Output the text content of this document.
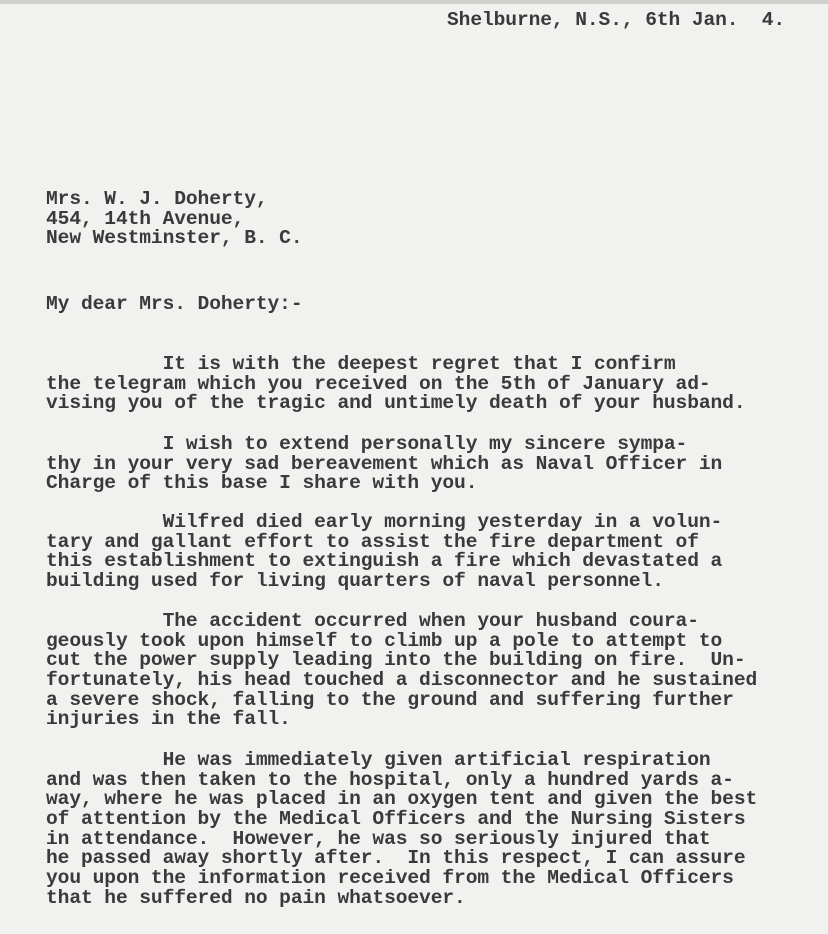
Shelburne, N.S., 6th Jan.  4.
Mrs. W. J. Doherty,
454, 14th Avenue,
New Westminster, B. C.
My dear Mrs. Doherty:-
It is with the deepest regret that I confirm
the telegram which you received on the 5th of January ad-
vising you of the tragic and untimely death of your husband.
I wish to extend personally my sincere sympa-
thy in your very sad bereavement which as Naval Officer in
Charge of this base I share with you.
Wilfred died early morning yesterday in a volun-
tary and gallant effort to assist the fire department of
this establishment to extinguish a fire which devastated a
building used for living quarters of naval personnel.
The accident occurred when your husband coura-
geously took upon himself to climb up a pole to attempt to
cut the power supply leading into the building on fire.  Un-
fortunately, his head touched a disconnector and he sustained
a severe shock, falling to the ground and suffering further
injuries in the fall.
He was immediately given artificial respiration
and was then taken to the hospital, only a hundred yards a-
way, where he was placed in an oxygen tent and given the best
of attention by the Medical Officers and the Nursing Sisters
in attendance.  However, he was so seriously injured that
he passed away shortly after.  In this respect, I can assure
you upon the information received from the Medical Officers
that he suffered no pain whatsoever.
